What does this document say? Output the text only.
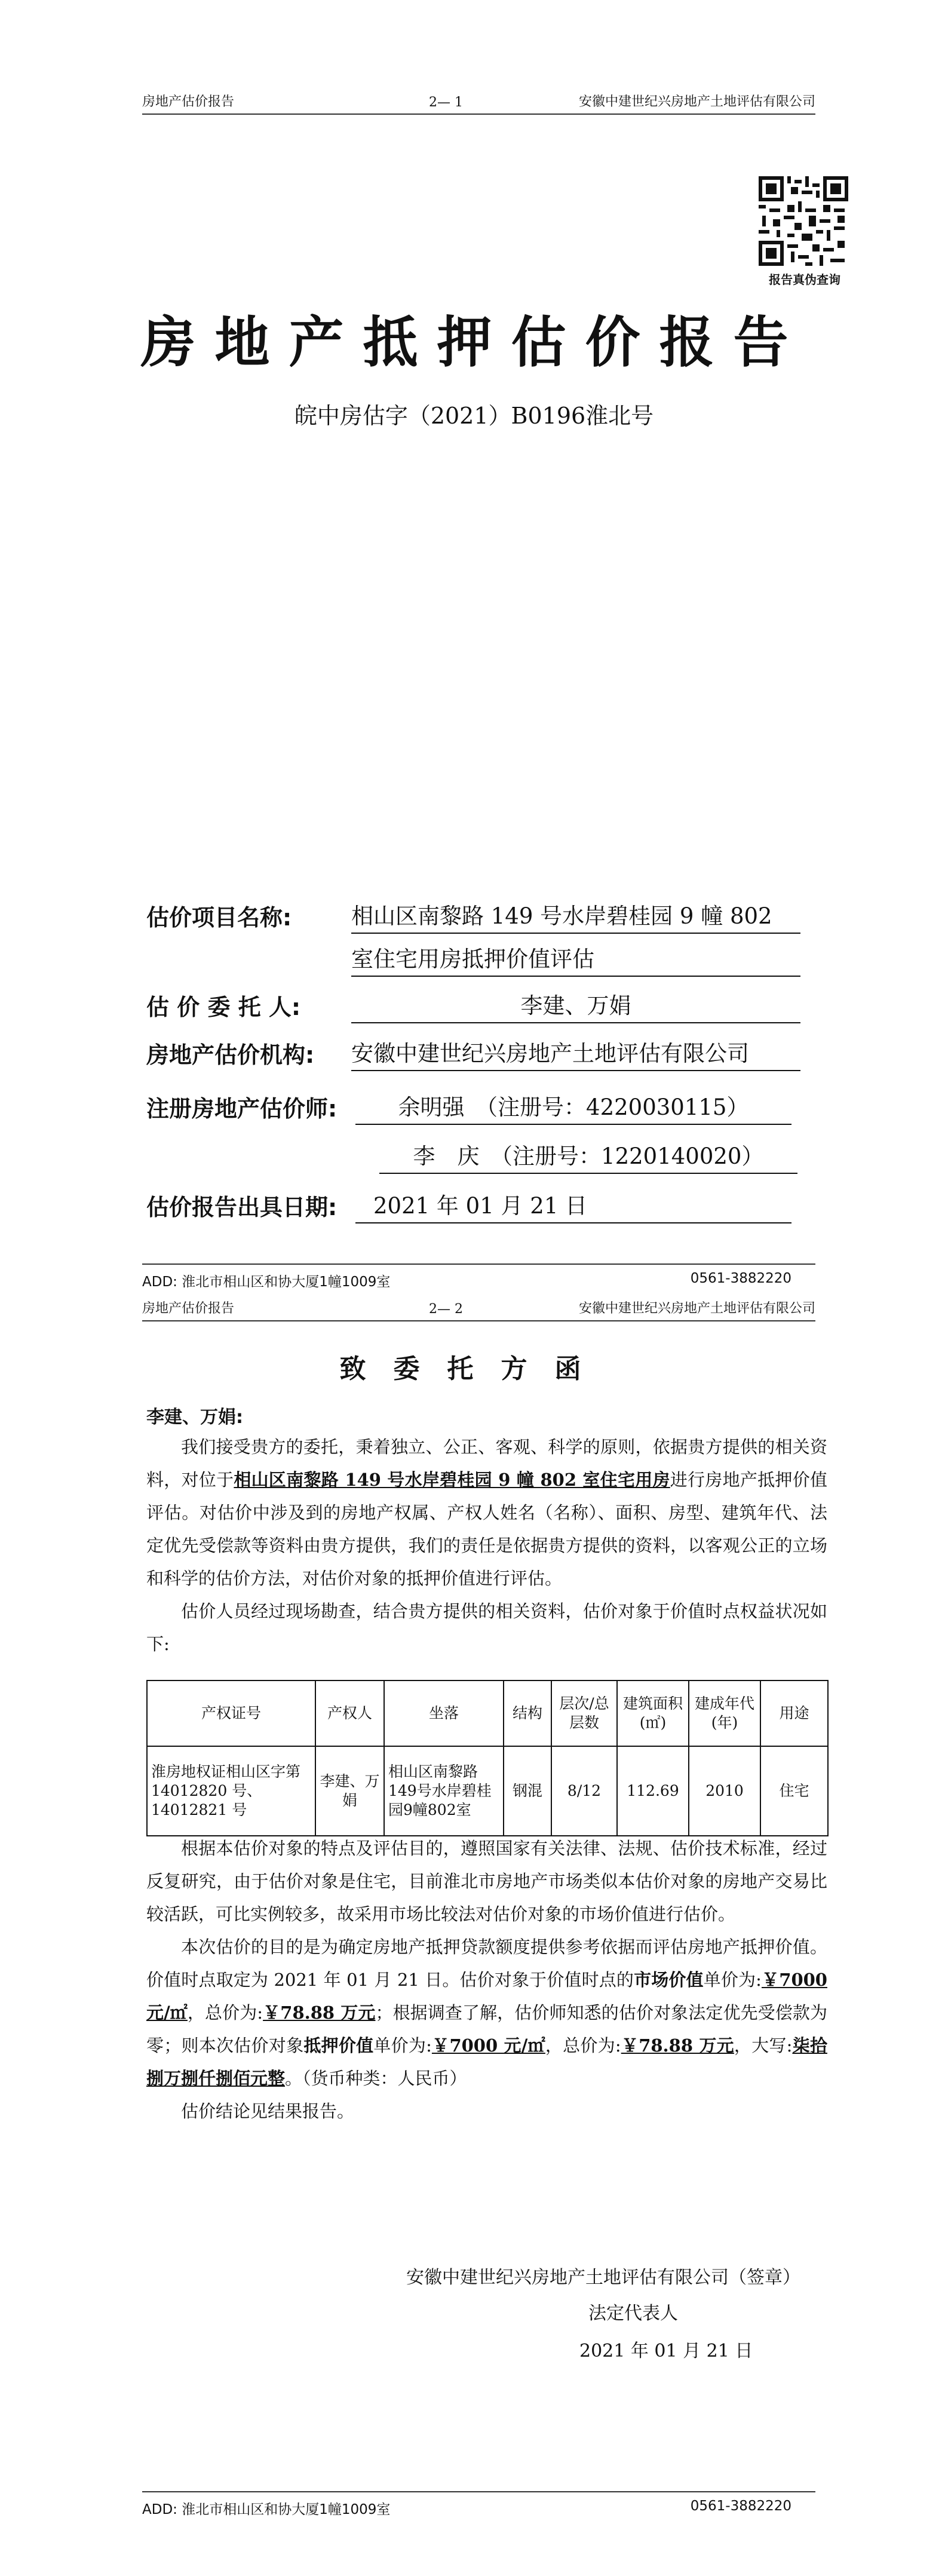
房地产估价报告	2— 1	安徽中建世纪兴房地产土地评估有限公司
报告真伪查询
房地产抵押估价报告
皖中房估字（2021）B0196淮北号
估价项目名称:	相山区南黎路 149 号水岸碧桂园 9 幢 802
室住宅用房抵押价值评估
估 价 委 托 人:	李建、万娟
房地产估价机构: 安徽中建世纪兴房地产土地评估有限公司
注册房地产估价师:	余明强　（注册号：4220030115）
李　庆　（注册号：1220140020）
估价报告出具日期:	2021 年 01 月 21 日
ADD: 淮北市相山区和协大厦1幢1009室	0561-3882220
房地产估价报告	2— 2	安徽中建世纪兴房地产土地评估有限公司
致委托方函
李建、万娟:

我们接受贵方的委托，秉着独立、公正、客观、科学的原则，依据贵方提供的相关资料，对位于相山区南黎路 149 号水岸碧桂园 9 幢 802 室住宅用房进行房地产抵押价值评估。对估价中涉及到的房地产权属、产权人姓名（名称）、面积、房型、建筑年代、法定优先受偿款等资料由贵方提供，我们的责任是依据贵方提供的资料，以客观公正的立场和科学的估价方法，对估价对象的抵押价值进行评估。

估价人员经过现场勘查，结合贵方提供的相关资料，估价对象于价值时点权益状况如下:

产权证号	产权人	坐落	结构	层次/总层数	建筑面积(㎡)	建成年代(年)	用途
淮房地权证相山区字第 14012820 号、14012821 号	李建、万娟	相山区南黎路149号水岸碧桂园9幢802室	钢混	8/12	112.69	2010	住宅

根据本估价对象的特点及评估目的，遵照国家有关法律、法规、估价技术标准，经过反复研究，由于估价对象是住宅，目前淮北市房地产市场类似本估价对象的房地产交易比较活跃，可比实例较多，故采用市场比较法对估价对象的市场价值进行估价。

本次估价的目的是为确定房地产抵押贷款额度提供参考依据而评估房地产抵押价值。价值时点取定为 2021 年 01 月 21 日。估价对象于价值时点的市场价值单价为:￥7000 元/㎡，总价为:￥78.88 万元；根据调查了解，估价师知悉的估价对象法定优先受偿款为零；则本次估价对象抵押价值单价为:￥7000 元/㎡，总价为:￥78.88 万元，大写:柒拾捌万捌仟捌佰元整。（货币种类：人民币）

估价结论见结果报告。

安徽中建世纪兴房地产土地评估有限公司（签章）
法定代表人
2021 年 01 月 21 日
ADD: 淮北市相山区和协大厦1幢1009室	0561-3882220
